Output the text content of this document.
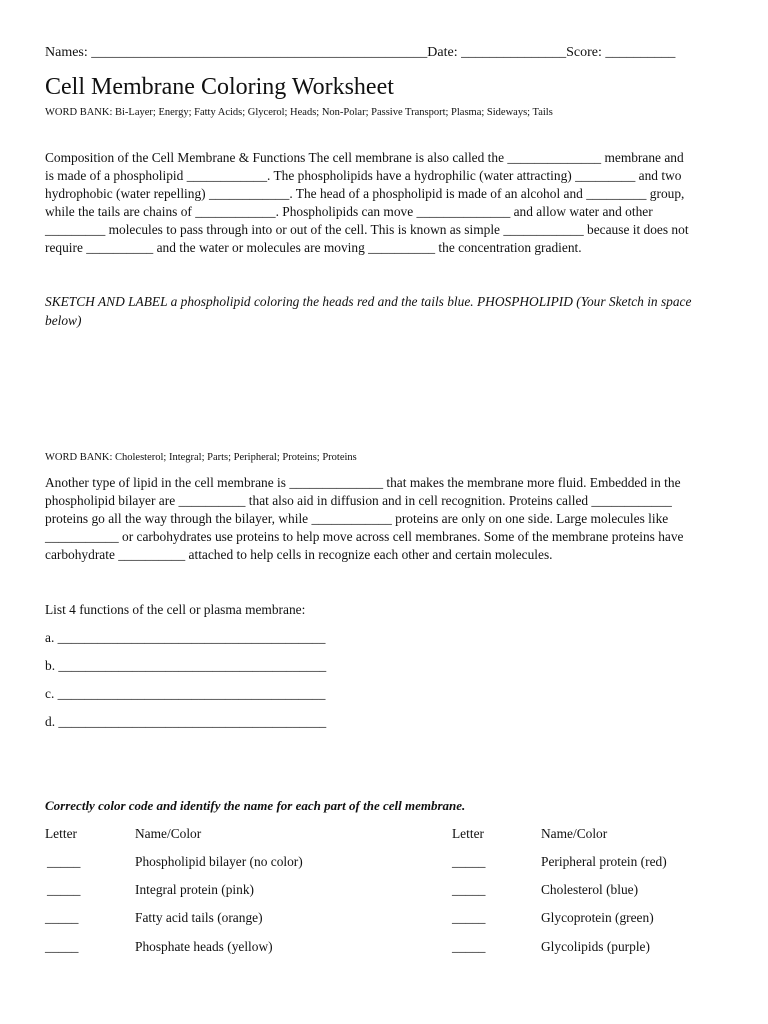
Names: ________________________________________________Date: _______________Score: __________
Cell Membrane Coloring Worksheet
WORD BANK: Bi-Layer; Energy; Fatty Acids; Glycerol; Heads; Non-Polar; Passive Transport; Plasma; Sideways; Tails

Composition of the Cell Membrane & Functions The cell membrane is also called the ______________ membrane and

is made of a phospholipid ____________. The phospholipids have a hydrophilic (water attracting) _________ and two

hydrophobic (water repelling) ____________. The head of a phospholipid is made of an alcohol and _________ group,

while the tails are chains of ____________. Phospholipids can move ______________ and allow water and other

_________ molecules to pass through into or out of the cell. This is known as simple ____________ because it does not

require __________ and the water or molecules are moving __________ the concentration gradient.

SKETCH AND LABEL a phospholipid coloring the heads red and the tails blue. PHOSPHOLIPID (Your Sketch in space

below)

WORD BANK: Cholesterol; Integral; Parts; Peripheral; Proteins; Proteins

Another type of lipid in the cell membrane is ______________ that makes the membrane more fluid. Embedded in the

phospholipid bilayer are __________ that also aid in diffusion and in cell recognition. Proteins called ____________

proteins go all the way through the bilayer, while ____________ proteins are only on one side. Large molecules like

___________ or carbohydrates use proteins to help move across cell membranes. Some of the membrane proteins have

carbohydrate __________ attached to help cells in recognize each other and certain molecules.

List 4 functions of the cell or plasma membrane:
a. ________________________________________
b. ________________________________________
c. ________________________________________
d. ________________________________________
Correctly color code and identify the name for each part of the cell membrane.
Letter	Name/Color	Letter	Name/Color
_____	Phospholipid bilayer (no color)	_____	Peripheral protein (red)
_____	Integral protein (pink)	_____	Cholesterol (blue)
_____	Fatty acid tails (orange)	_____	Glycoprotein (green)
_____	Phosphate heads (yellow)	_____	Glycolipids (purple)
